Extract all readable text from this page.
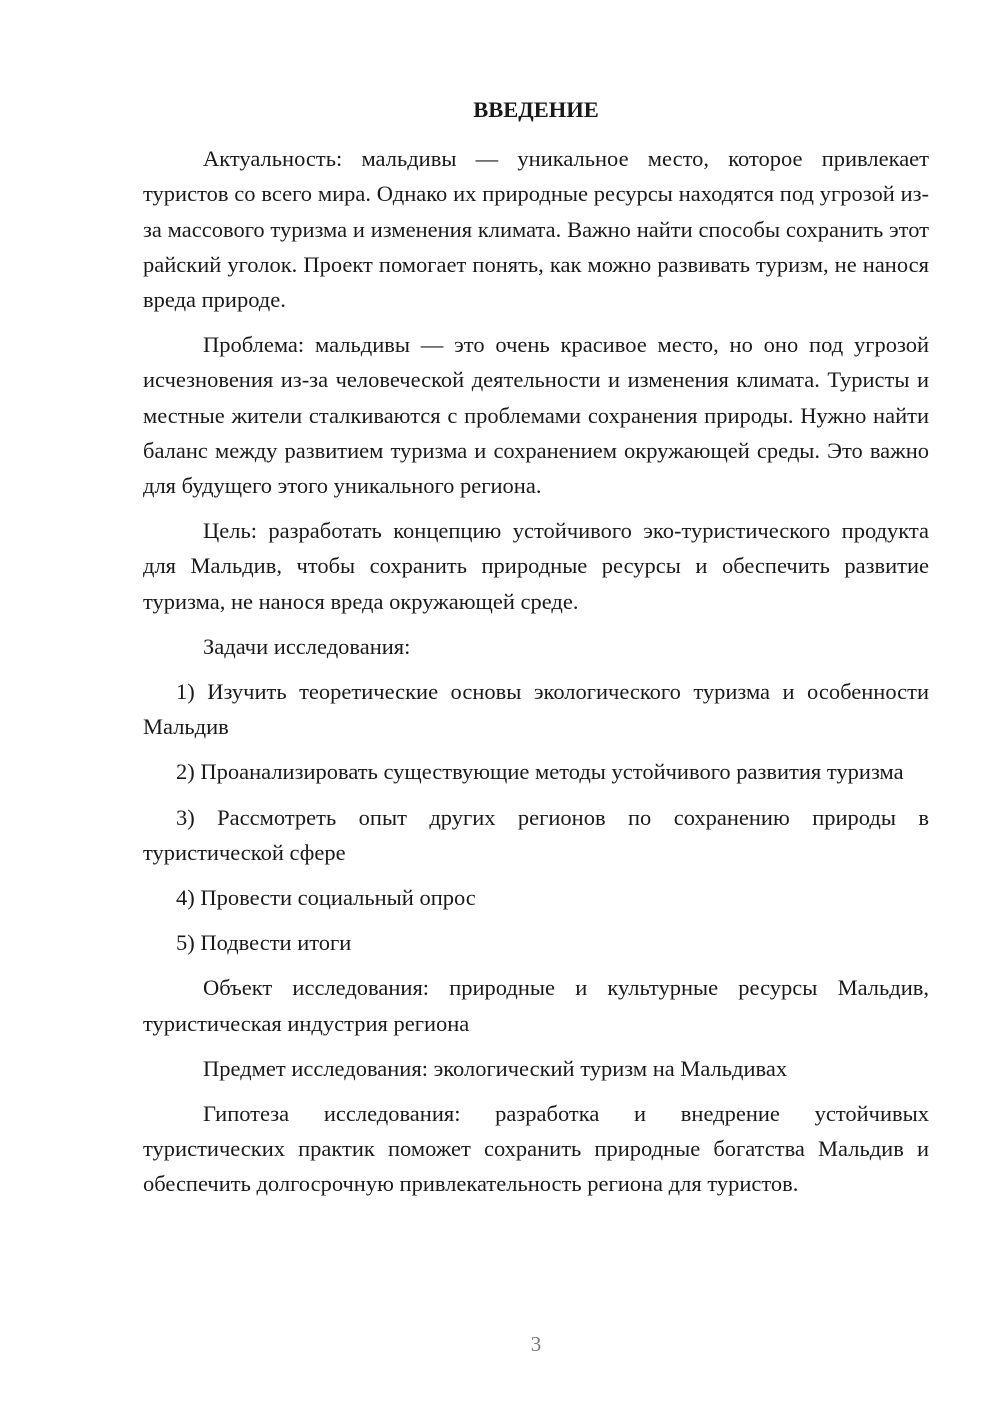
ВВЕДЕНИЕ

Актуальность: мальдивы — уникальное место, которое привлекает туристов со всего мира. Однако их природные ресурсы находятся под угрозой из-за массового туризма и изменения климата. Важно найти способы сохранить этот райский уголок. Проект помогает понять, как можно развивать туризм, не нанося вреда природе.

Проблема: мальдивы — это очень красивое место, но оно под угрозой исчезновения из-за человеческой деятельности и изменения климата. Туристы и местные жители сталкиваются с проблемами сохранения природы. Нужно найти баланс между развитием туризма и сохранением окружающей среды. Это важно для будущего этого уникального региона.

Цель: разработать концепцию устойчивого эко-туристического продукта для Мальдив, чтобы сохранить природные ресурсы и обеспечить развитие туризма, не нанося вреда окружающей среде.

Задачи исследования:

1) Изучить теоретические основы экологического туризма и особенности Мальдив

2) Проанализировать существующие методы устойчивого развития туризма

3) Рассмотреть опыт других регионов по сохранению природы в туристической сфере

4) Провести социальный опрос

5) Подвести итоги

Объект исследования: природные и культурные ресурсы Мальдив, туристическая индустрия региона

Предмет исследования: экологический туризм на Мальдивах

Гипотеза исследования: разработка и внедрение устойчивых туристических практик поможет сохранить природные богатства Мальдив и обеспечить долгосрочную привлекательность региона для туристов.

3
